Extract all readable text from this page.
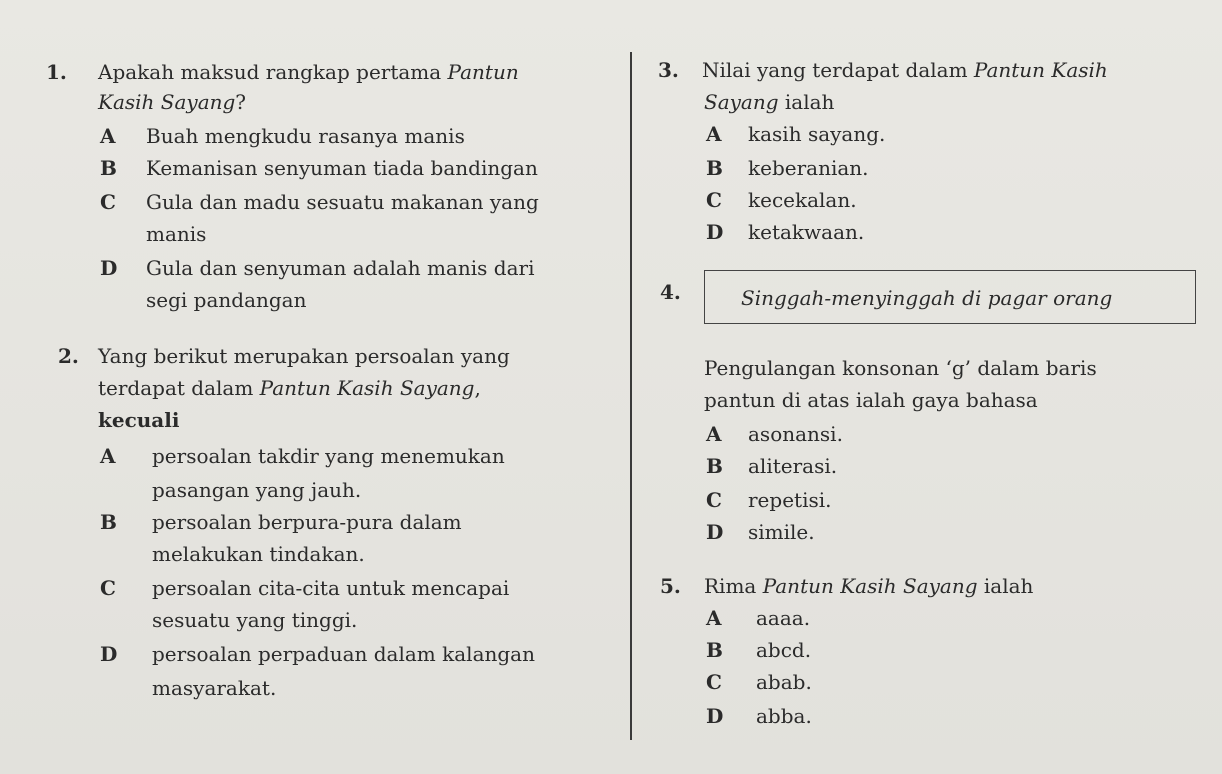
1. Apakah maksud rangkap pertama Pantun
Kasih Sayang?
A Buah mengkudu rasanya manis
B Kemanisan senyuman tiada bandingan
C Gula dan madu sesuatu makanan yang
manis
D Gula dan senyuman adalah manis dari
segi pandangan
2. Yang berikut merupakan persoalan yang
terdapat dalam Pantun Kasih Sayang,
kecuali
A persoalan takdir yang menemukan
pasangan yang jauh.
B persoalan berpura-pura dalam
melakukan tindakan.
C persoalan cita-cita untuk mencapai
sesuatu yang tinggi.
D persoalan perpaduan dalam kalangan
masyarakat.
3. Nilai yang terdapat dalam Pantun Kasih
Sayang ialah
A kasih sayang.
B keberanian.
C kecekalan.
D ketakwaan.
4.	Singgah-menyinggah di pagar orang
Pengulangan konsonan ‘g’ dalam baris
pantun di atas ialah gaya bahasa
A asonansi.
B aliterasi.
C repetisi.
D simile.
5. Rima Pantun Kasih Sayang ialah
A aaaa.
B abcd.
C abab.
D abba.
